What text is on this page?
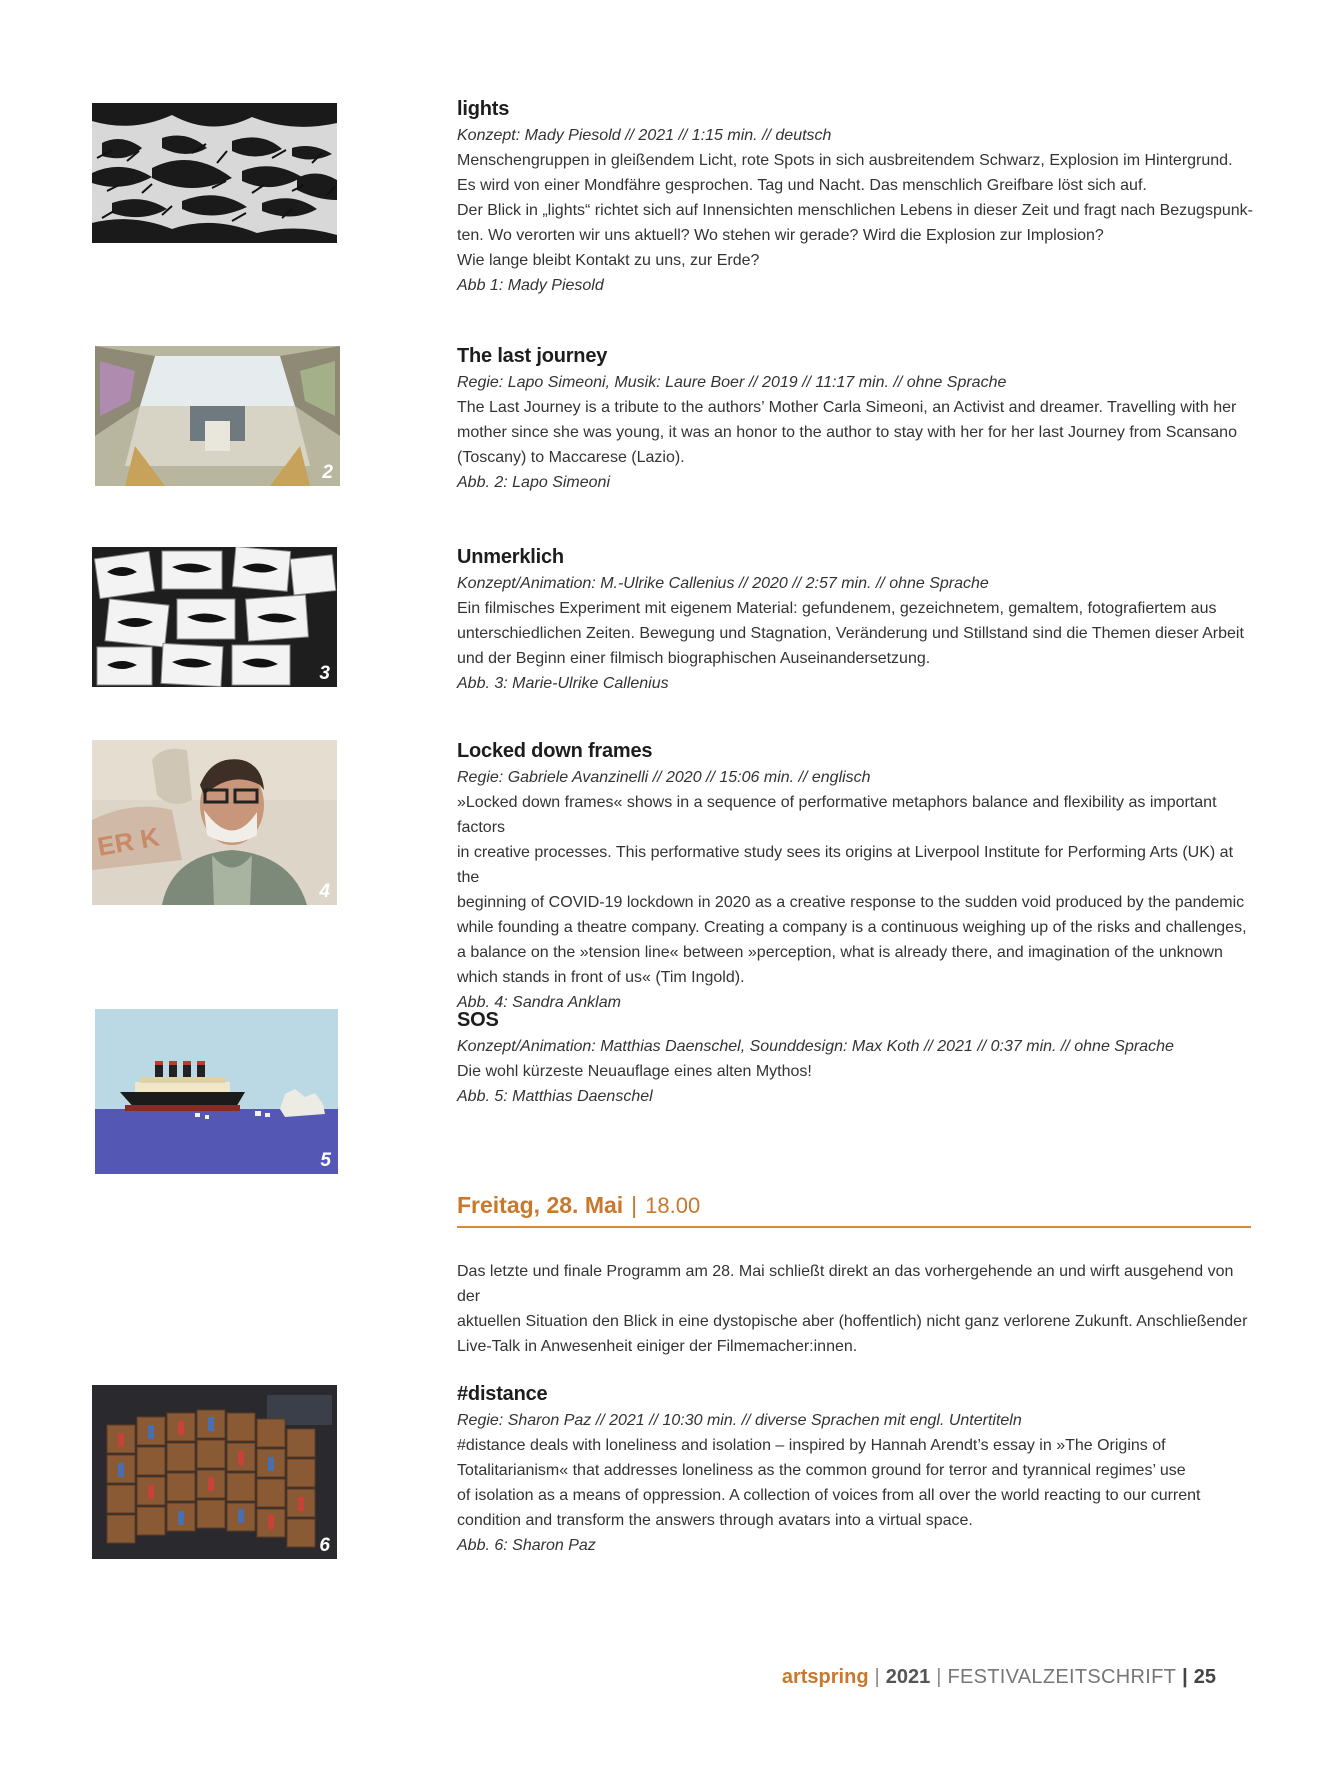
2
3
ER K
4
5
6
lights
Konzept: Mady Piesold // 2021 // 1:15 min. // deutsch
Menschengruppen in gleißendem Licht, rote Spots in sich ausbreitendem Schwarz, Explosion im Hintergrund.
Es wird von einer Mondfähre gesprochen. Tag und Nacht. Das menschlich Greifbare löst sich auf.
Der Blick in „lights“ richtet sich auf Innensichten menschlichen Lebens in dieser Zeit und fragt nach Bezugspunk-
ten. Wo verorten wir uns aktuell? Wo stehen wir gerade? Wird die Explosion zur Implosion?
Wie lange bleibt Kontakt zu uns, zur Erde?
Abb 1: Mady Piesold
The last journey
Regie: Lapo Simeoni, Musik: Laure Boer // 2019 // 11:17 min. // ohne Sprache
The Last Journey is a tribute to the authors’ Mother Carla Simeoni, an Activist and dreamer. Travelling with her
mother since she was young, it was an honor to the author to stay with her for her last Journey from Scansano
(Toscany) to Maccarese (Lazio).
Abb. 2: Lapo Simeoni
Unmerklich
Konzept/Animation: M.-Ulrike Callenius // 2020 // 2:57 min. // ohne Sprache
Ein filmisches Experiment mit eigenem Material: gefundenem, gezeichnetem, gemaltem, fotografiertem aus
unterschiedlichen Zeiten. Bewegung und Stagnation, Veränderung und Stillstand sind die Themen dieser Arbeit
und der Beginn einer filmisch biographischen Auseinandersetzung.
Abb. 3: Marie-Ulrike Callenius
Locked down frames
Regie: Gabriele Avanzinelli // 2020 // 15:06 min. // englisch
»Locked down frames« shows in a sequence of performative metaphors balance and flexibility as important factors
in creative processes. This performative study sees its origins at Liverpool Institute for Performing Arts (UK) at the
beginning of COVID-19 lockdown in 2020 as a creative response to the sudden void produced by the pandemic
while founding a theatre company. Creating a company is a continuous weighing up of the risks and challenges,
a balance on the »tension line« between »perception, what is already there, and imagination of the unknown
which stands in front of us« (Tim Ingold).
Abb. 4: Sandra Anklam
SOS
Konzept/Animation: Matthias Daenschel, Sounddesign: Max Koth // 2021 // 0:37 min. // ohne Sprache
Die wohl kürzeste Neuauflage eines alten Mythos!
Abb. 5: Matthias Daenschel
Freitag, 28. Mai | 18.00
Das letzte und finale Programm am 28. Mai schließt direkt an das vorhergehende an und wirft ausgehend von der
aktuellen Situation den Blick in eine dystopische aber (hoffentlich) nicht ganz verlorene Zukunft. Anschließender
Live-Talk in Anwesenheit einiger der Filmemacher:innen.
#distance
Regie: Sharon Paz // 2021 // 10:30 min. // diverse Sprachen mit engl. Untertiteln
#distance deals with loneliness and isolation – inspired by Hannah Arendt’s essay in »The Origins of
Totalitarianism« that addresses loneliness as the common ground for terror and tyrannical regimes’ use
of isolation as a means of oppression. A collection of voices from all over the world reacting to our current
condition and transform the answers through avatars into a virtual space.
Abb. 6: Sharon Paz
artspring | 2021 | FESTIVALZEITSCHRIFT | 25
